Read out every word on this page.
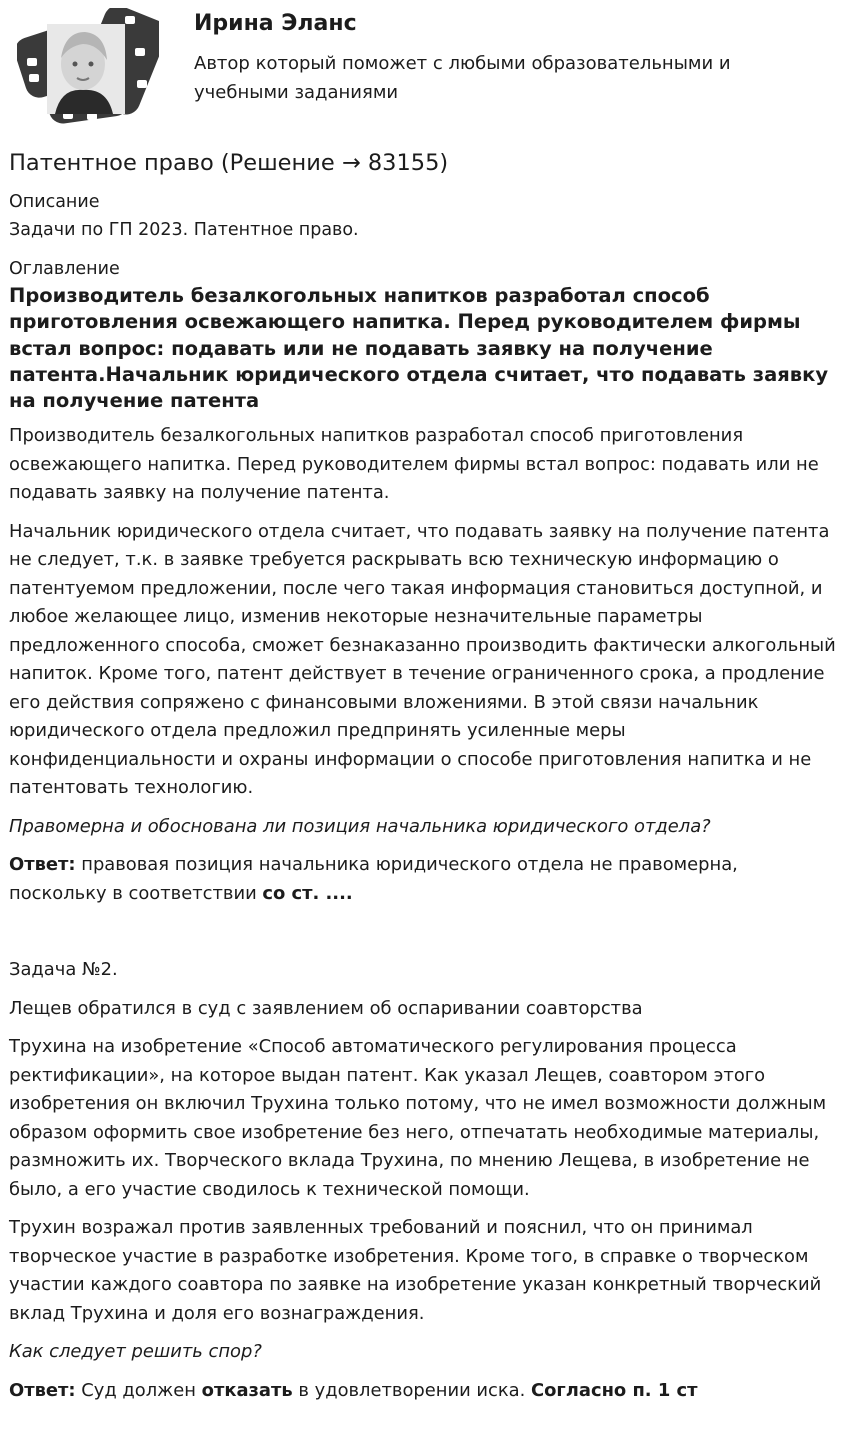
Ирина Эланс
Автор который поможет с любыми образовательными и учебными заданиями
Патентное право (Решение → 83155)
Описание
Задачи по ГП 2023. Патентное право.
Оглавление
Производитель безалкогольных напитков разработал способ приготовления освежающего напитка. Перед руководителем фирмы встал вопрос: подавать или не подавать заявку на получение патента.Начальник юридического отдела считает, что подавать заявку на получение патента

Производитель безалкогольных напитков разработал способ приготовления освежающего напитка. Перед руководителем фирмы встал вопрос: подавать или не подавать заявку на получение патента.

Начальник юридического отдела считает, что подавать заявку на получение патента не следует, т.к. в заявке требуется раскрывать всю техническую информацию о патентуемом предложении, после чего такая информация становиться доступной, и любое желающее лицо, изменив некоторые незначительные параметры предложенного способа, сможет безнаказанно производить фактически алкогольный напиток. Кроме того, патент действует в течение ограниченного срока, а продление его действия сопряжено с финансовыми вложениями. В этой связи начальник юридического отдела предложил предпринять усиленные меры конфиденциальности и охраны информации о способе приготовления напитка и не патентовать технологию.

Правомерна и обоснована ли позиция начальника юридического отдела?

Ответ: правовая позиция начальника юридического отдела не правомерна, поскольку в соответствии со ст. ....

Задача №2.

Лещев обратился в суд с заявлением об оспаривании соавторства

Трухина на изобретение «Способ автоматического регулирования процесса ректификации», на которое выдан патент. Как указал Лещев, соавтором этого изобретения он включил Трухина только потому, что не имел возможности должным образом оформить свое изобретение без него, отпечатать необходимые материалы, размножить их. Творческого вклада Трухина, по мнению Лещева, в изобретение не было, а его участие сводилось к технической помощи.

Трухин возражал против заявленных требований и пояснил, что он принимал творческое участие в разработке изобретения. Кроме того, в справке о творческом участии каждого соавтора по заявке на изобретение указан конкретный творческий вклад Трухина и доля его вознаграждения.

Как следует решить спор?

Ответ: Суд должен отказать в удовлетворении иска. Согласно п. 1 ст
